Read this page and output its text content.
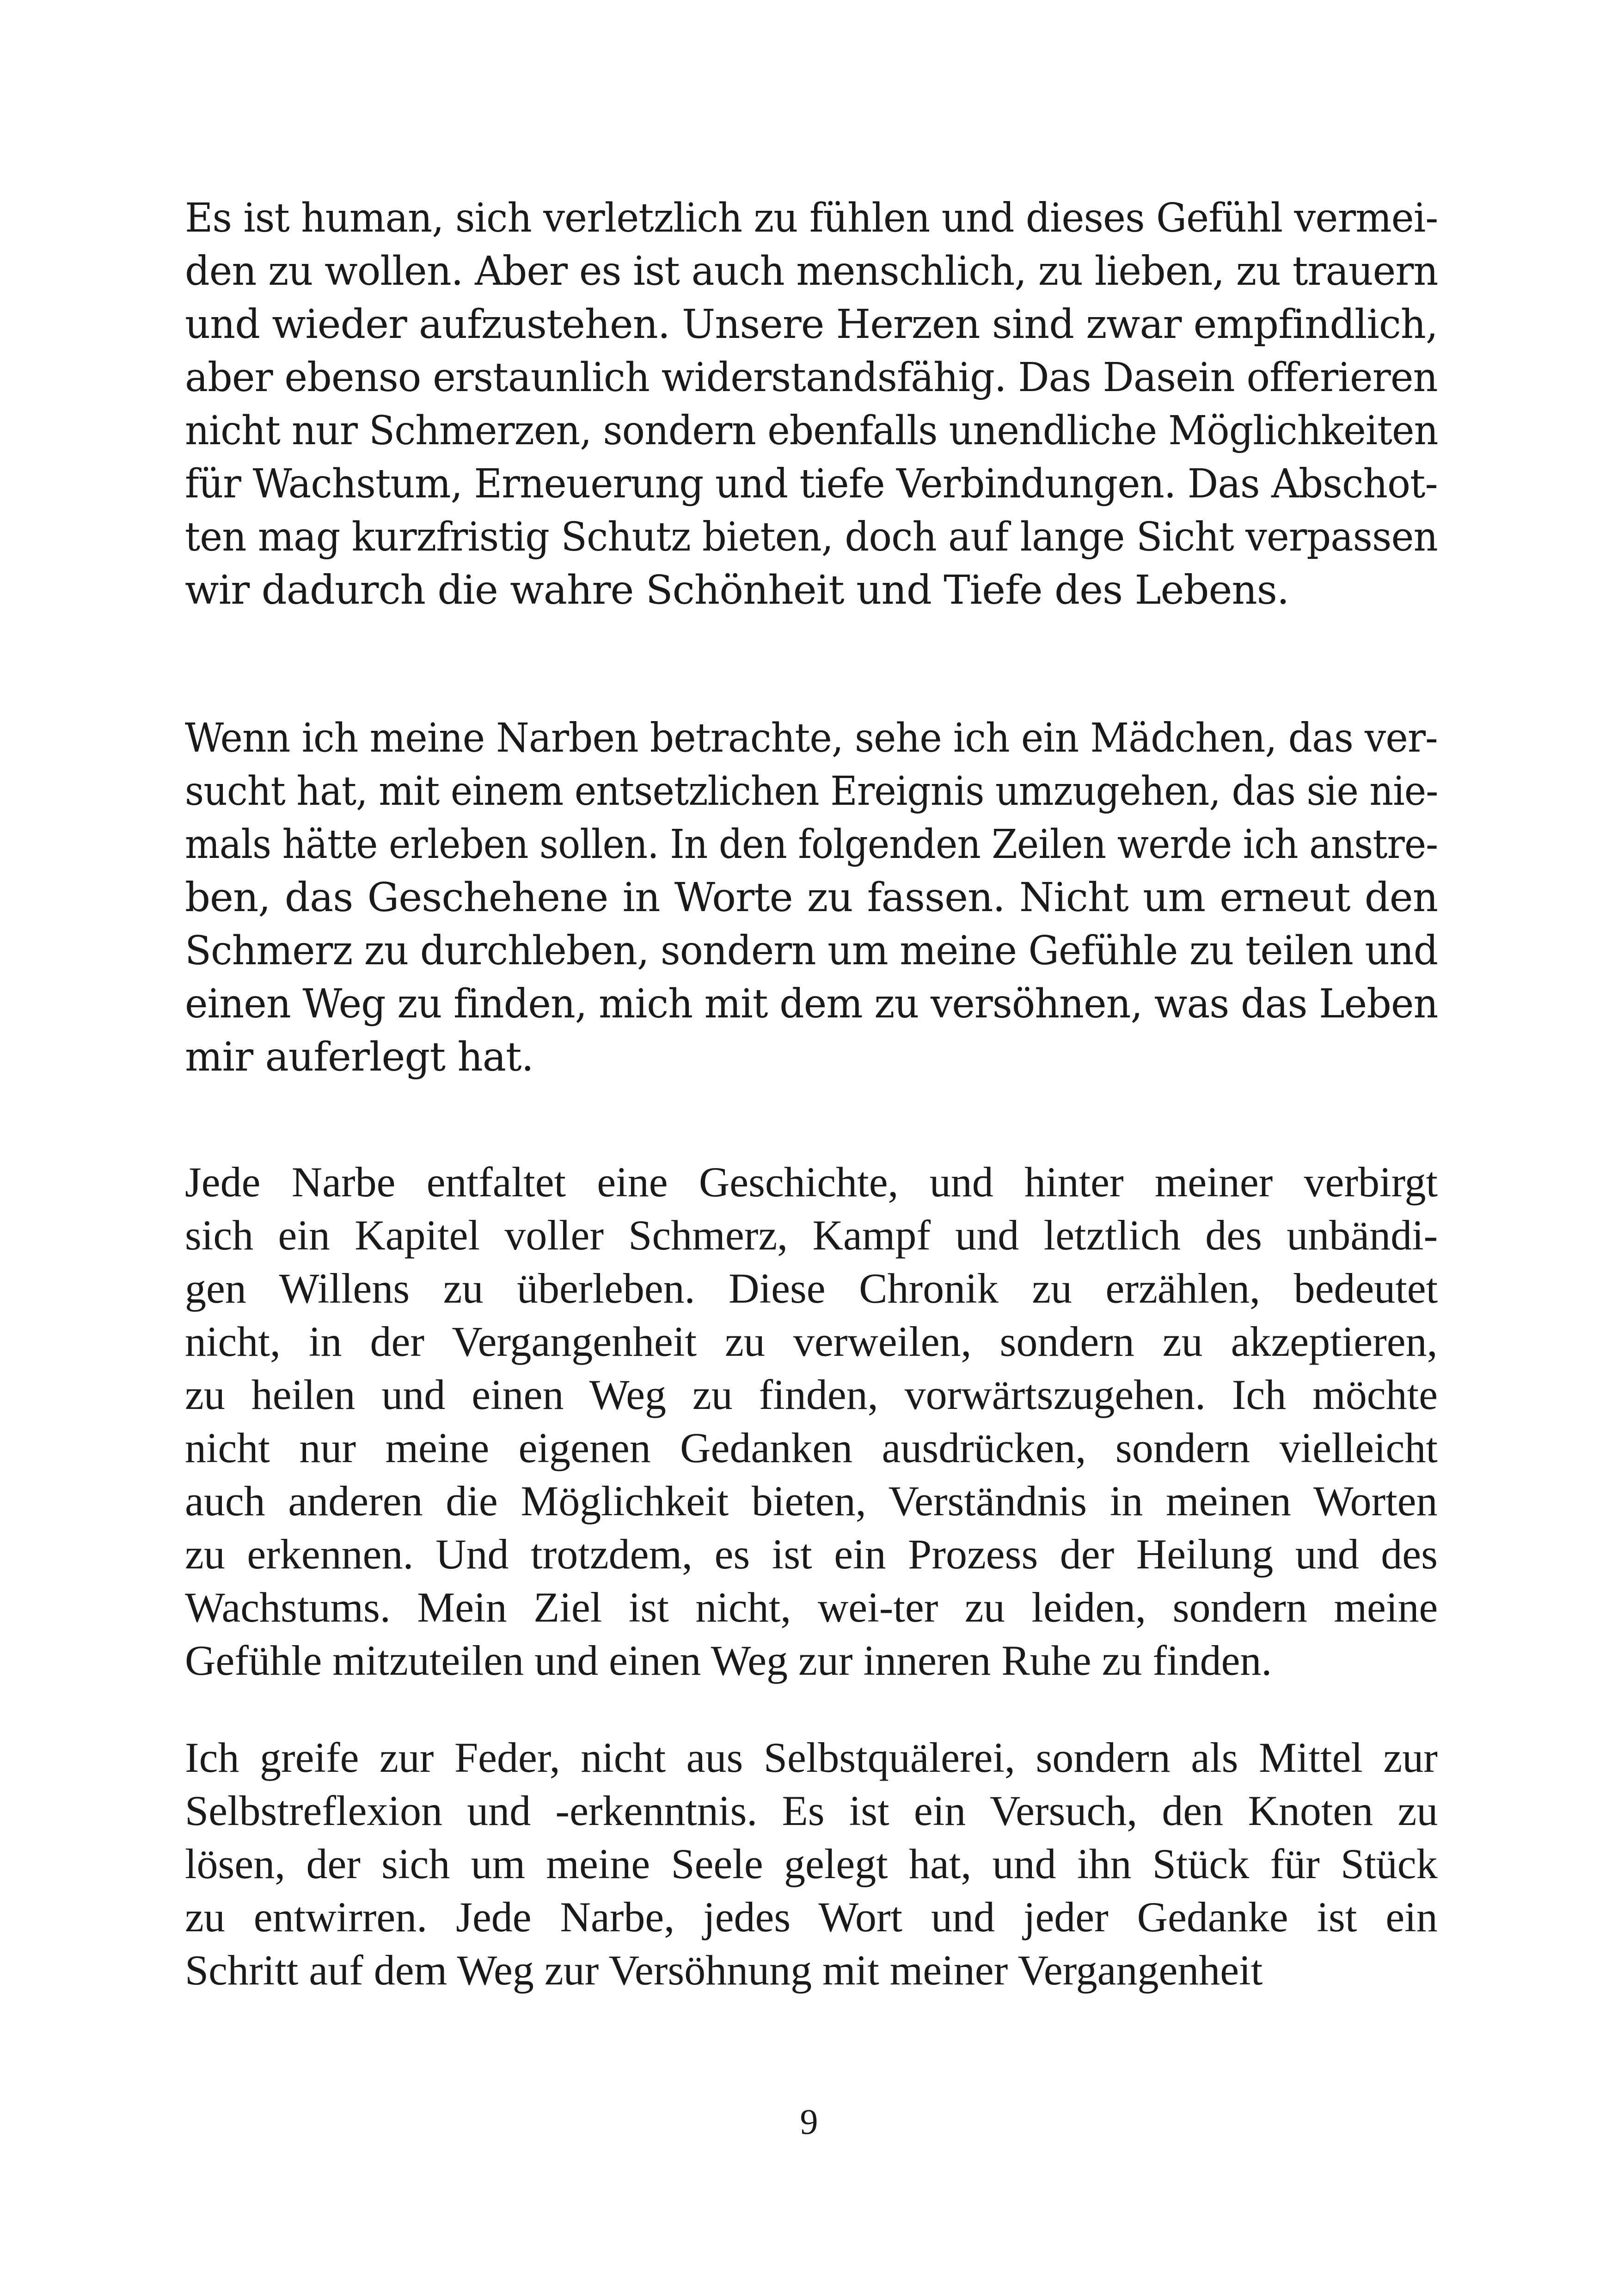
Es ist human, sich verletzlich zu fühlen und dieses Gefühl vermei-
den zu wollen. Aber es ist auch menschlich, zu lieben, zu trauern
und wieder aufzustehen. Unsere Herzen sind zwar empfindlich,
aber ebenso erstaunlich widerstandsfähig. Das Dasein offerieren
nicht nur Schmerzen, sondern ebenfalls unendliche Möglichkeiten
für Wachstum, Erneuerung und tiefe Verbindungen. Das Abschot-
ten mag kurzfristig Schutz bieten, doch auf lange Sicht verpassen
wir dadurch die wahre Schönheit und Tiefe des Lebens.
Wenn ich meine Narben betrachte, sehe ich ein Mädchen, das ver-
sucht hat, mit einem entsetzlichen Ereignis umzugehen, das sie nie-
mals hätte erleben sollen. In den folgenden Zeilen werde ich anstre-
ben, das Geschehene in Worte zu fassen. Nicht um erneut den
Schmerz zu durchleben, sondern um meine Gefühle zu teilen und
einen Weg zu finden, mich mit dem zu versöhnen, was das Leben
mir auferlegt hat.
Jede Narbe entfaltet eine Geschichte, und hinter meiner verbirgt
sich ein Kapitel voller Schmerz, Kampf und letztlich des unbändi-
gen Willens zu überleben. Diese Chronik zu erzählen, bedeutet
nicht, in der Vergangenheit zu verweilen, sondern zu akzeptieren,
zu heilen und einen Weg zu finden, vorwärtszugehen. Ich möchte
nicht nur meine eigenen Gedanken ausdrücken, sondern vielleicht
auch anderen die Möglichkeit bieten, Verständnis in meinen Worten
zu erkennen. Und trotzdem, es ist ein Prozess der Heilung und des
Wachstums. Mein Ziel ist nicht, wei-ter zu leiden, sondern meine
Gefühle mitzuteilen und einen Weg zur inneren Ruhe zu finden.
Ich greife zur Feder, nicht aus Selbstquälerei, sondern als Mittel zur
Selbstreflexion und -erkenntnis. Es ist ein Versuch, den Knoten zu
lösen, der sich um meine Seele gelegt hat, und ihn Stück für Stück
zu entwirren. Jede Narbe, jedes Wort und jeder Gedanke ist ein
Schritt auf dem Weg zur Versöhnung mit meiner Vergangenheit
9
